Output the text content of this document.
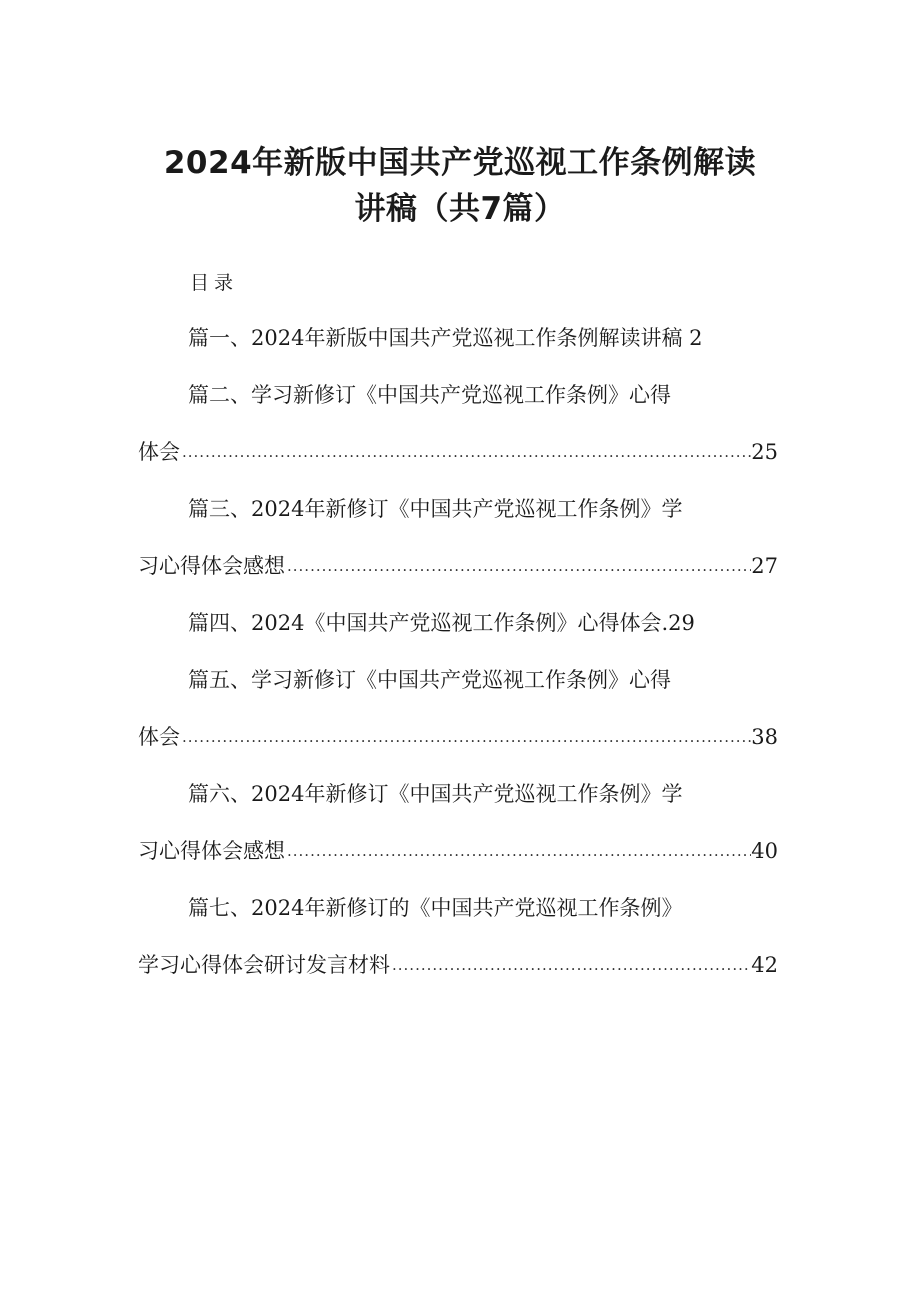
2024年新版中国共产党巡视工作条例解读
讲稿（共7篇）
目录
篇一、2024年新版中国共产党巡视工作条例解读讲稿 2
篇二、学习新修订《中国共产党巡视工作条例》心得
体会 .....	25
篇三、2024年新修订《中国共产党巡视工作条例》学
习心得体会感想 .....	27
篇四、2024《中国共产党巡视工作条例》心得体会.29
篇五、学习新修订《中国共产党巡视工作条例》心得
体会 .....	38
篇六、2024年新修订《中国共产党巡视工作条例》学
习心得体会感想 .....	40
篇七、2024年新修订的《中国共产党巡视工作条例》
学习心得体会研讨发言材料 .....	42
